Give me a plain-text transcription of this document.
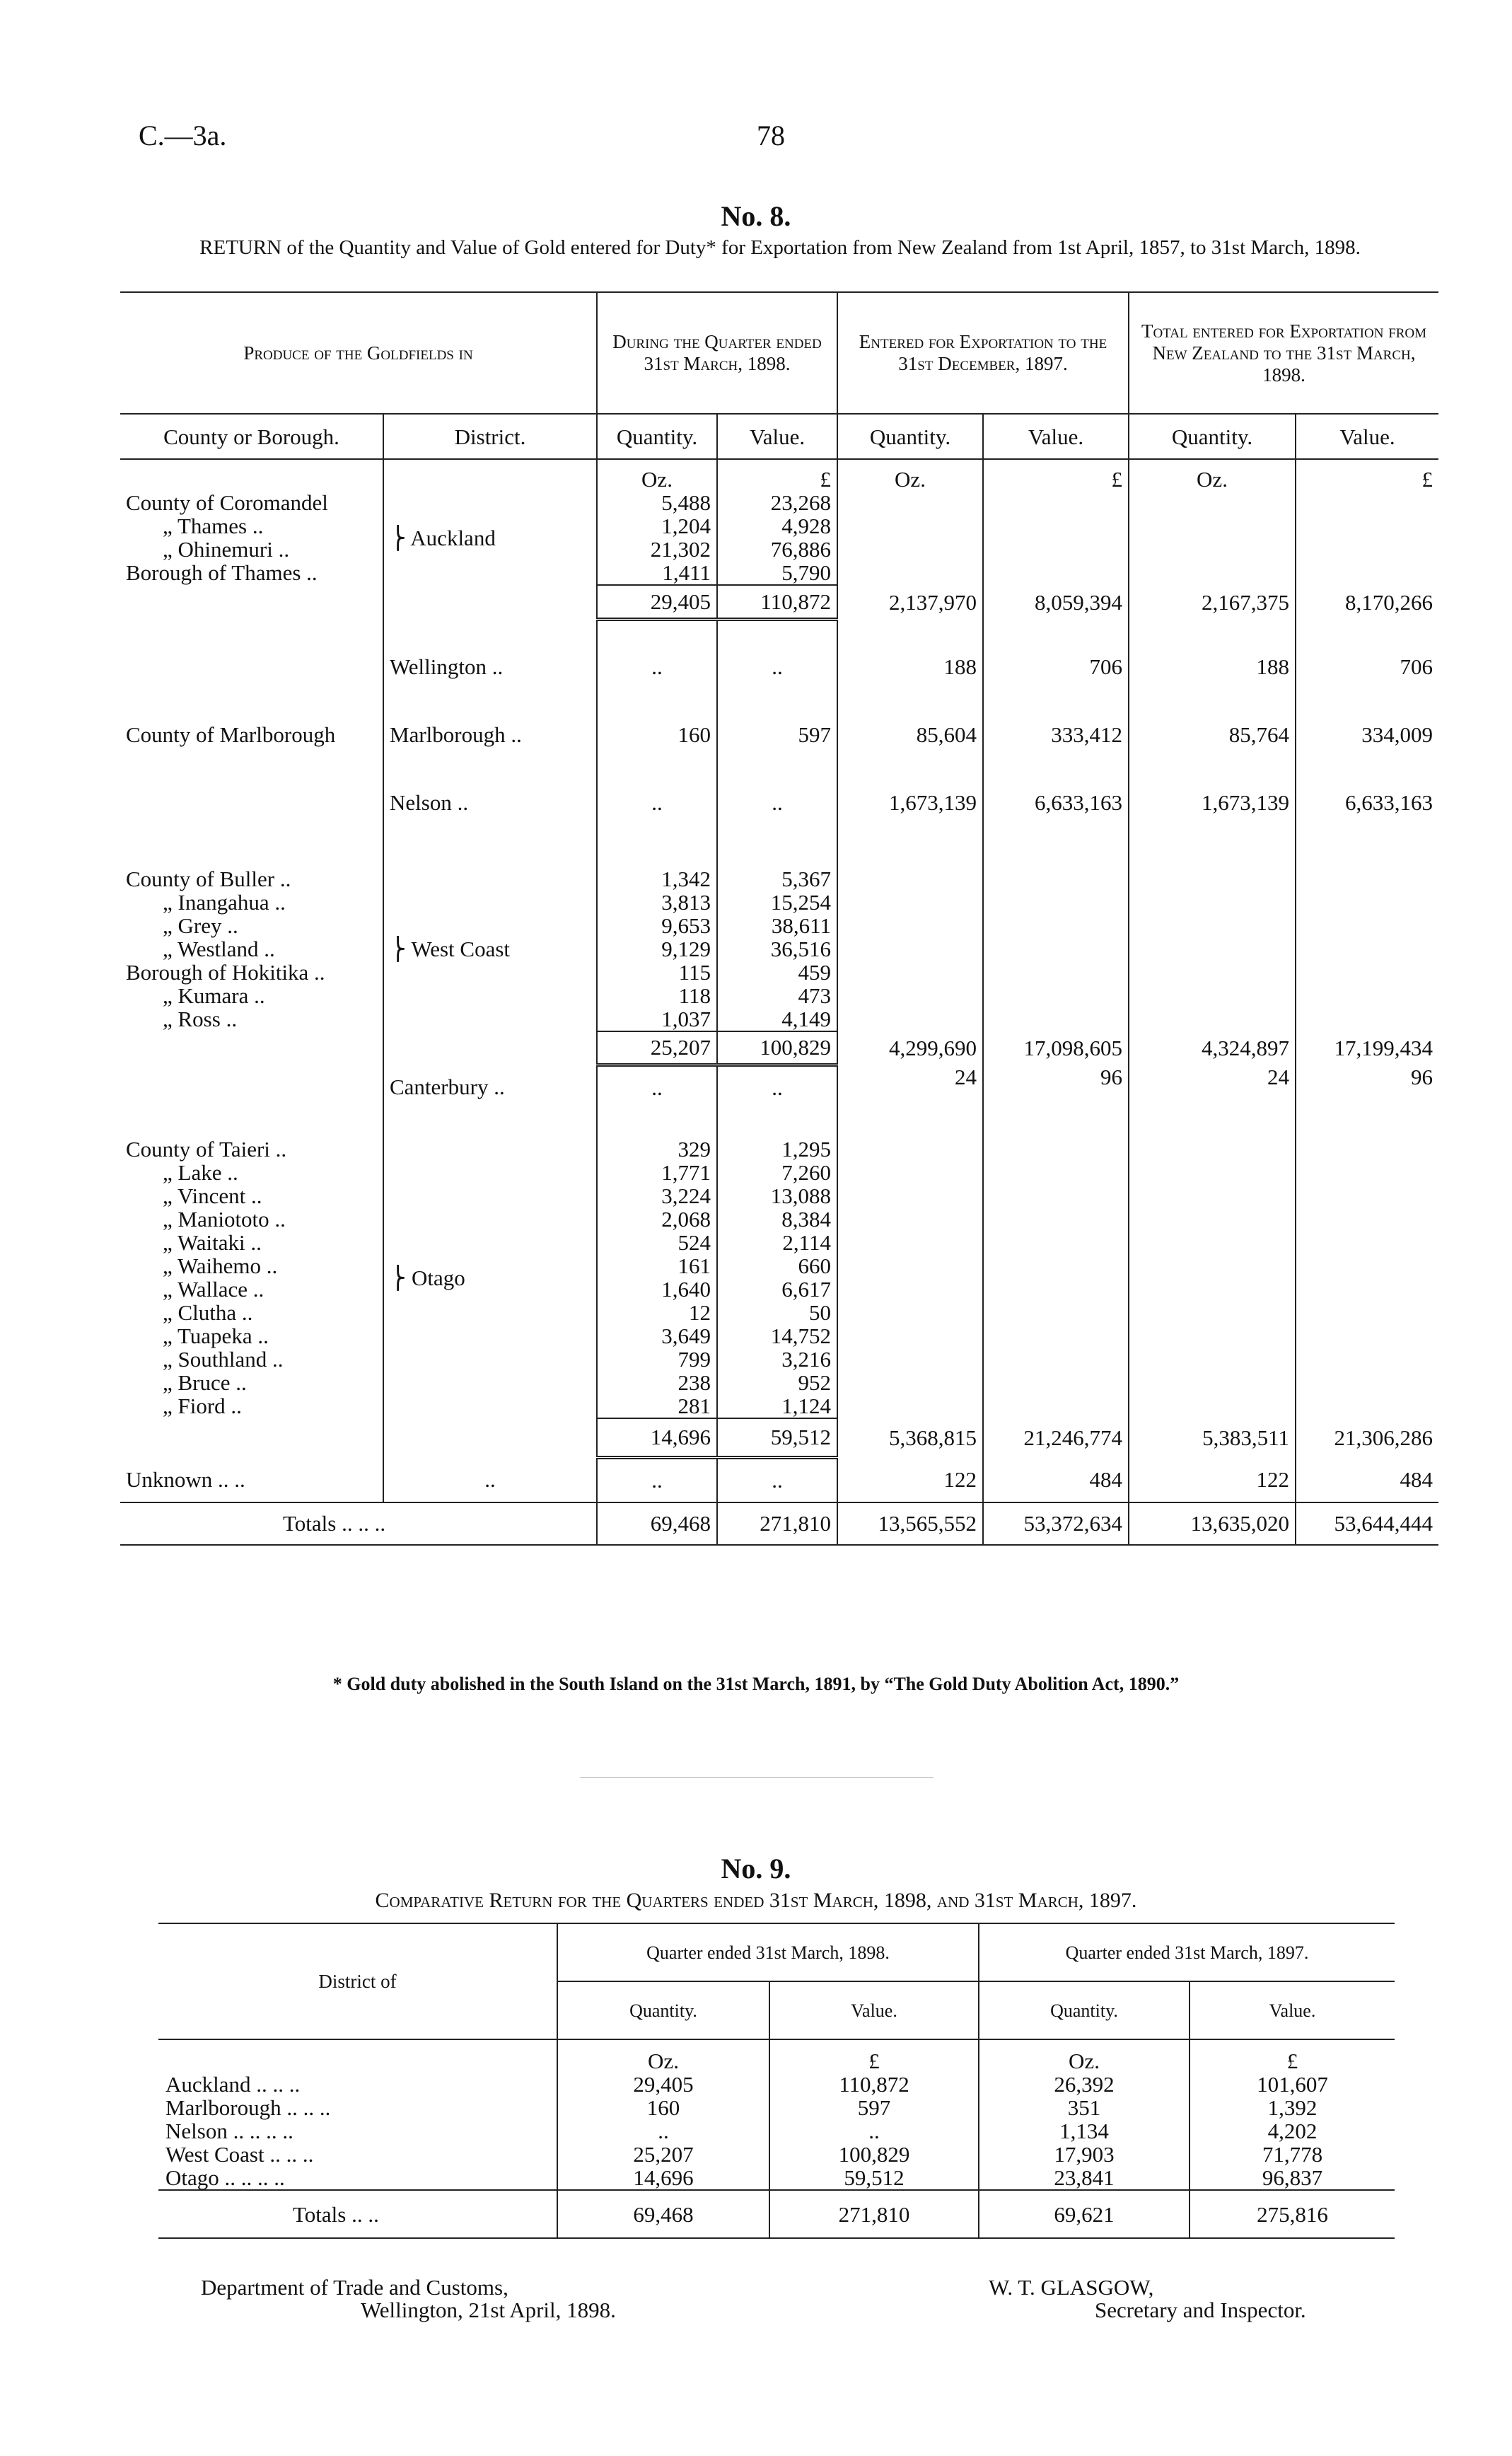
C.—3a.	78
No. 8.
RETURN of the Quantity and Value of Gold entered for Duty* for Exportation from New Zealand from 1st April, 1857, to 31st March, 1898.
Produce of the Goldfields in		During the Quarter ended 31st March, 1898.		Entered for Exportation to the 31st December, 1897.		Total entered for Exportation from New Zealand to the 31st March, 1898.	
County or Borough.	District.	Quantity.	Value.	Quantity.	Value.	Quantity.	Value.
		Oz.	£	Oz.	£	Oz.	£
County of Coromandel	⎬ Auckland	5,488	23,268				
„ Thames ..		1,204	4,928				
„ Ohinemuri ..		21,302	76,886				
Borough of Thames ..		1,411	5,790				
		29,405	110,872	2,137,970	8,059,394	2,167,375	8,170,266

	Wellington ..	..	..	188	706	188	706

County of Marlborough	Marlborough ..	160	597	85,604	333,412	85,764	334,009

	Nelson ..	..	..	1,673,139	6,633,163	1,673,139	6,633,163

County of Buller ..	⎬ West Coast	1,342	5,367				
„ Inangahua ..		3,813	15,254				
„ Grey ..		9,653	38,611				
„ Westland ..		9,129	36,516				
Borough of Hokitika ..		115	459				
„ Kumara ..		118	473				
„ Ross ..		1,037	4,149				
		25,207	100,829	4,299,690	17,098,605	4,324,897	17,199,434
	Canterbury ..	..	..	24	96	24	96

County of Taieri ..	⎬ Otago	329	1,295				
„ Lake ..		1,771	7,260				
„ Vincent ..		3,224	13,088				
„ Maniototo ..		2,068	8,384				
„ Waitaki ..		524	2,114				
„ Waihemo ..		161	660				
„ Wallace ..		1,640	6,617				
„ Clutha ..		12	50				
„ Tuapeka ..		3,649	14,752				
„ Southland ..		799	3,216				
„ Bruce ..		238	952				
„ Fiord ..		281	1,124				
		14,696	59,512	5,368,815	21,246,774	5,383,511	21,306,286
Unknown .. ..	..	..	..	122	484	122	484
Totals .. .. ..		69,468	271,810	13,565,552	53,372,634	13,635,020	53,644,444
* Gold duty abolished in the South Island on the 31st March, 1891, by “The Gold Duty Abolition Act, 1890.”
No. 9.
Comparative Return for the Quarters ended 31st March, 1898, and 31st March, 1897.
District of	Quarter ended 31st March, 1898.		Quarter ended 31st March, 1897.	
	Quantity.	Value.	Quantity.	Value.
	Oz.	£	Oz.	£
Auckland .. .. ..	29,405	110,872	26,392	101,607
Marlborough .. .. ..	160	597	351	1,392
Nelson .. .. .. ..	..	..	1,134	4,202
West Coast .. .. ..	25,207	100,829	17,903	71,778
Otago .. .. .. ..	14,696	59,512	23,841	96,837
Totals .. ..	69,468	271,810	69,621	275,816
Department of Trade and Customs,
Wellington, 21st April, 1898.
W. T. GLASGOW,
Secretary and Inspector.
